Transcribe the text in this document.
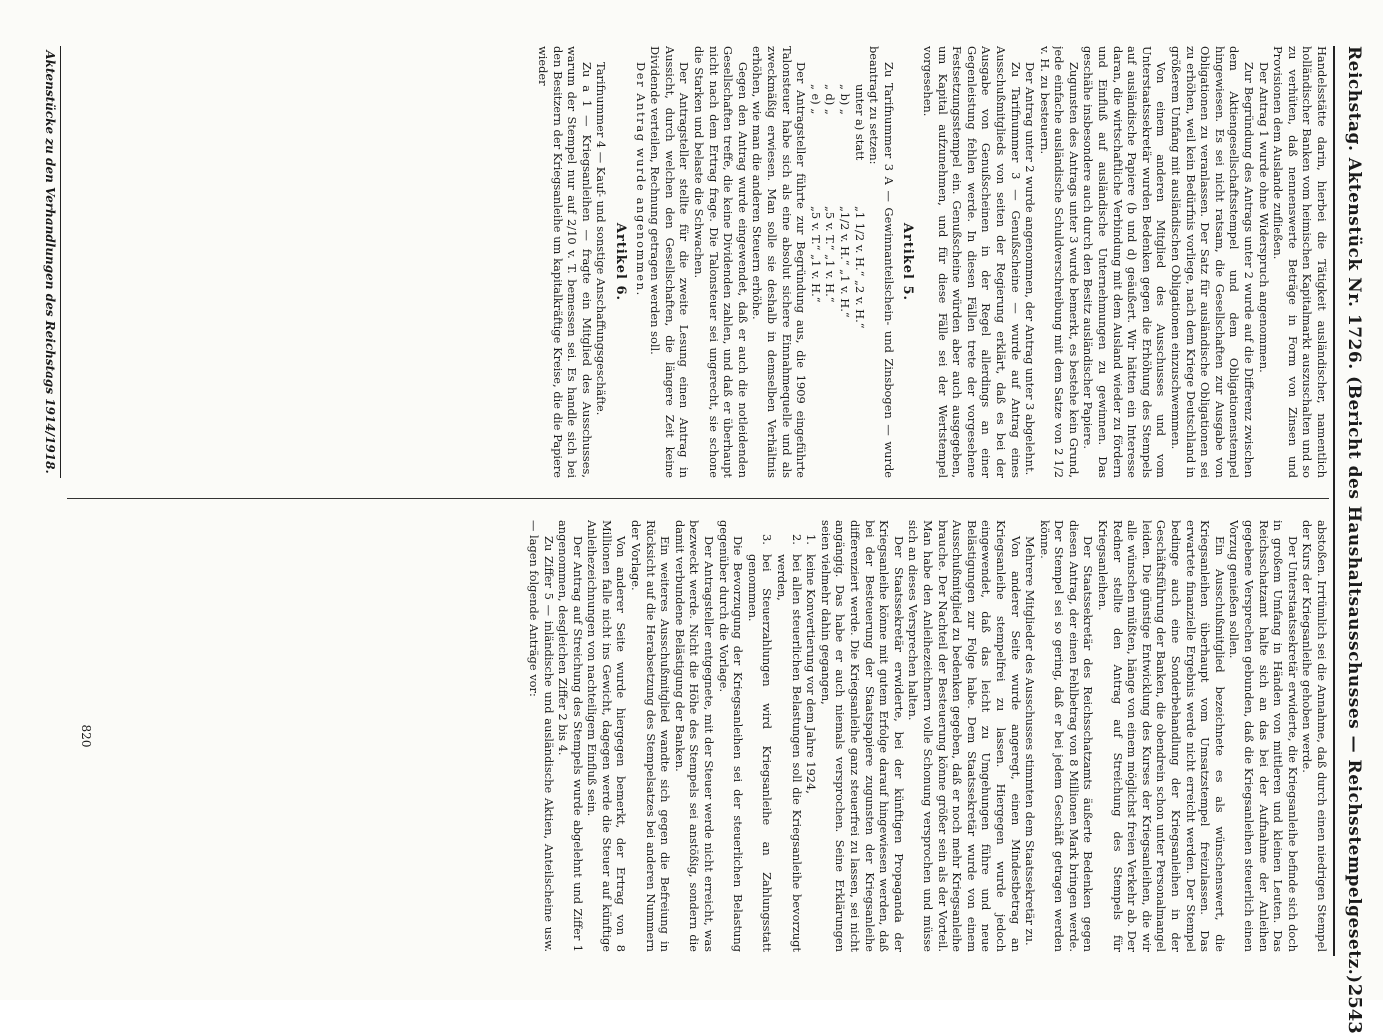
Reichstag. Aktenstück Nr. 1726. (Bericht des Haushaltsausschusses — Reichsstempelgesetz.)
2543

Handelsstätte darin, hierbei die Tätigkeit ausländischer, namentlich holländischer Banken vom heimischen Kapitalmarkt auszuschalten und so zu verhüten, daß nennenswerte Beträge in Form von Zinsen und Provisionen dem Auslande zufließen.

Der Antrag 1 wurde ohne Widerspruch angenommen.

Zur Begründung des Antrags unter 2 wurde auf die Differenz zwischen dem Aktiengesellschaftsstempel und dem Obligationenstempel hingewiesen. Es sei nicht ratsam, die Gesellschaften zur Ausgabe von Obligationen zu veranlassen. Der Satz für ausländische Obligationen sei zu erhöhen, weil kein Bedürfnis vorliege, nach dem Kriege Deutschland in größerem Umfang mit ausländischen Obligationen einzuschwemmen.

Von einem anderen Mitglied des Ausschusses und vom Unterstaatssekretär wurden Bedenken gegen die Erhöhung des Stempels auf ausländische Papiere (b und d) geäußert. Wir hätten ein Interesse daran, die wirtschaftliche Verbindung mit dem Ausland wieder zu fördern und Einfluß auf ausländische Unternehmungen zu gewinnen. Das geschähe insbesondere auch durch den Besitz ausländischer Papiere.

Zugunsten des Antrags unter 3 wurde bemerkt, es bestehe kein Grund, jede einfache ausländische Schuldverschreibung mit dem Satze von 2 1/2 v. H. zu besteuern.

Der Antrag unter 2 wurde angenommen, der Antrag unter 3 abgelehnt.

Zu Tarifnummer 3 — Genußscheine — wurde auf Antrag eines Ausschußmitglieds von seiten der Regierung erklärt, daß es bei der Ausgabe von Genußscheinen in der Regel allerdings an einer Gegenleistung fehlen werde. In diesen Fällen trete der vorgesehene Festsetzungsstempel ein. Genußscheine würden aber auch ausgegeben, um Kapital aufzunehmen, und für diese Fälle sei der Wertstempel vorgesehen.

Artikel 5.

Zu Tarifnummer 3 A — Gewinnanteilschein- und Zinsbogen — wurde beantragt zu setzen:

unter a) statt
„1 1/2 v. H.“ „2 v. H.“
„ b) „
„1/2 v. H.“ „1 v. H.“
„ d) „
„5 v. T.“ „1 v. H.“
„ e) „
„5 v. T.“ „1 v. H.“

Der Antragsteller führte zur Begründung aus, die 1909 eingeführte Talonsteuer habe sich als eine absolut sichere Einnahmequelle und als zweckmäßig erwiesen. Man solle sie deshalb in demselben Verhältnis erhöhen, wie man die anderen Steuern erhöhe.

Gegen den Antrag wurde eingewendet, daß er auch die notleidenden Gesellschaften treffe, die keine Dividenden zahlen, und daß er überhaupt nicht nach dem Ertrag frage. Die Talonsteuer sei ungerecht, sie schone die Starken und belaste die Schwachen.

Der Antragsteller stellte für die zweite Lesung einen Antrag in Aussicht, durch welchen den Gesellschaften, die längere Zeit keine Dividende verteilen, Rechnung getragen werden soll.

Der Antrag wurde angenommen.

Artikel 6.

Tarifnummer 4 — Kauf- und sonstige Anschaffungsgeschäfte.

Zu a 1 — Kriegsanleihen — fragte ein Mitglied des Ausschusses, warum der Stempel nur auf 2/10 v. T. bemessen sei. Es handle sich bei den Besitzern der Kriegsanleihe um kapitalkräftige Kreise, die die Papiere wieder

abstoßen. Irrtümlich sei die Annahme, daß durch einen niedrigen Stempel der Kurs der Kriegsanleihe gehoben werde.

Der Unterstaatssekretär erwiderte, die Kriegsanleihe befinde sich doch in großem Umfang in Händen von mittleren und kleinen Leuten. Das Reichsschatzamt halte sich an das bei der Aufnahme der Anleihen gegebene Versprechen gebunden, daß die Kriegsanleihen steuerlich einen Vorzug genießen sollen.

Ein Ausschußmitglied bezeichnete es als wünschenswert, die Kriegsanleihen überhaupt vom Umsatzstempel freizulassen. Das erwartete finanzielle Ergebnis werde nicht erreicht werden. Der Stempel bedinge auch eine Sonderbehandlung der Kriegsanleihen in der Geschäftsführung der Banken, die obendrein schon unter Personalmangel leiden. Die günstige Entwicklung des Kurses der Kriegsanleihen, die wir alle wünschen müßten, hänge von einem möglichst freien Verkehr ab. Der Redner stellte den Antrag auf Streichung des Stempels für Kriegsanleihen.

Der Staatssekretär des Reichsschatzamts äußerte Bedenken gegen diesen Antrag, der einen Fehlbetrag von 8 Millionen Mark bringen werde. Der Stempel sei so gering, daß er bei jedem Geschäft getragen werden könne.

Mehrere Mitglieder des Ausschusses stimmten dem Staatssekretär zu.

Von anderer Seite wurde angeregt, einen Mindestbetrag an Kriegsanleihe stempelfrei zu lassen. Hiergegen wurde jedoch eingewendet, daß das leicht zu Umgehungen führe und neue Belästigungen zur Folge habe. Dem Staatssekretär wurde von einem Ausschußmitglied zu bedenken gegeben, daß er noch mehr Kriegsanleihe brauche. Der Nachteil der Besteuerung könne größer sein als der Vorteil. Man habe den Anleihezeichnern volle Schonung versprochen und müsse sich an dieses Versprechen halten.

Der Staatssekretär erwiderte, bei der künftigen Propaganda der Kriegsanleihe könne mit gutem Erfolge darauf hingewiesen werden, daß bei der Besteuerung der Staatspapiere zugunsten der Kriegsanleihe differenziert werde. Die Kriegsanleihe ganz steuerfrei zu lassen, sei nicht angängig. Das habe er auch niemals versprochen. Seine Erklärungen seien vielmehr dahin gegangen,

1.
keine Konvertierung vor dem Jahre 1924,
2.
bei allen steuerlichen Belastungen soll die Kriegsanleihe bevorzugt werden,
3.
bei Steuerzahlungen wird Kriegsanleihe an Zahlungsstatt genommen.

Die Bevorzugung der Kriegsanleihen sei der steuerlichen Belastung gegenüber durch die Vorlage.

Der Antragsteller entgegnete, mit der Steuer werde nicht erreicht, was bezweckt werde. Nicht die Höhe des Stempels sei anstößig, sondern die damit verbundene Belästigung der Banken.

Ein weiteres Ausschußmitglied wandte sich gegen die Befreiung in Rücksicht auf die Herabsetzung des Stempelsatzes bei anderen Nummern der Vorlage.

Von anderer Seite wurde hiergegen bemerkt, der Ertrag von 8 Millionen falle nicht ins Gewicht, dagegen werde die Steuer auf künftige Anleihezeichnungen von nachteiligem Einfluß sein.

Der Antrag auf Streichung des Stempels wurde abgelehnt und Ziffer 1 angenommen, desgleichen Ziffer 2 bis 4.

Zu Ziffer 5 — inländische und ausländische Aktien, Anteilscheine usw. — lagen folgende Anträge vor:

820
Aktenstücke zu den Verhandlungen des Reichstags 1914/1918.
